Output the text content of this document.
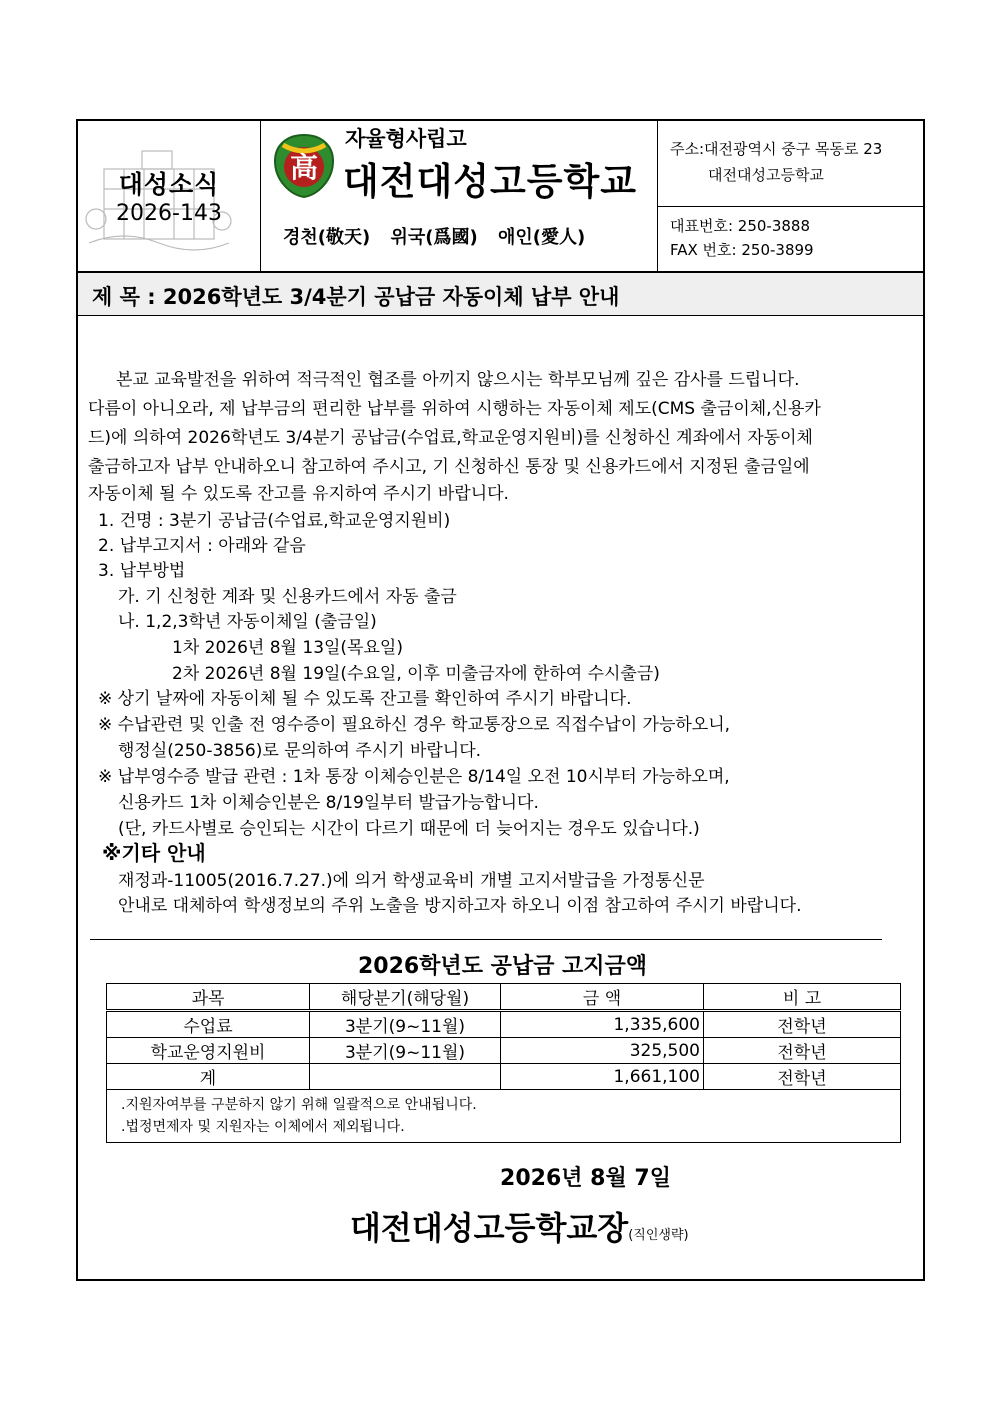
대성소식
2026-143
高
자율형사립고
대전대성고등학교
경천(敬天) 위국(爲國) 애인(愛人)
주소:대전광역시 중구 목동로 23
대전대성고등학교
대표번호: 250-3888
FAX 번호: 250-3899
제 목 : 2026학년도 3/4분기 공납금 자동이체 납부 안내
본교 교육발전을 위하여 적극적인 협조를 아끼지 않으시는 학부모님께 깊은 감사를 드립니다.
다름이 아니오라, 제 납부금의 편리한 납부를 위하여 시행하는 자동이체 제도(CMS 출금이체,신용카
드)에 의하여 2026학년도 3/4분기 공납금(수업료,학교운영지원비)를 신청하신 계좌에서 자동이체
출금하고자 납부 안내하오니 참고하여 주시고, 기 신청하신 통장 및 신용카드에서 지정된 출금일에
자동이체 될 수 있도록 잔고를 유지하여 주시기 바랍니다.
1. 건명 : 3분기 공납금(수업료,학교운영지원비)
2. 납부고지서 : 아래와 같음
3. 납부방법
가. 기 신청한 계좌 및 신용카드에서 자동 출금
나. 1,2,3학년 자동이체일 (출금일)
1차 2026년 8월 13일(목요일)
2차 2026년 8월 19일(수요일, 이후 미출금자에 한하여 수시출금)
※ 상기 날짜에 자동이체 될 수 있도록 잔고를 확인하여 주시기 바랍니다.
※ 수납관련 및 인출 전 영수증이 필요하신 경우 학교통장으로 직접수납이 가능하오니,
행정실(250-3856)로 문의하여 주시기 바랍니다.
※ 납부영수증 발급 관련 : 1차 통장 이체승인분은 8/14일 오전 10시부터 가능하오며,
신용카드 1차 이체승인분은 8/19일부터 발급가능합니다.
(단, 카드사별로 승인되는 시간이 다르기 때문에 더 늦어지는 경우도 있습니다.)
※기타 안내
재정과-11005(2016.7.27.)에 의거 학생교육비 개별 고지서발급을 가정통신문
안내로 대체하여 학생정보의 주위 노출을 방지하고자 하오니 이점 참고하여 주시기 바랍니다.
2026학년도 공납금 고지금액
과목	해당분기(해당월)	금 액	비 고
수업료	3분기(9~11월)	1,335,600	전학년
학교운영지원비	3분기(9~11월)	325,500	전학년
계		1,661,100	전학년

.지원자여부를 구분하지 않기 위해 일괄적으로 안내됩니다.
.법정면제자 및 지원자는 이체에서 제외됩니다.			
2026년 8월 7일
대전대성고등학교장(직인생략)
